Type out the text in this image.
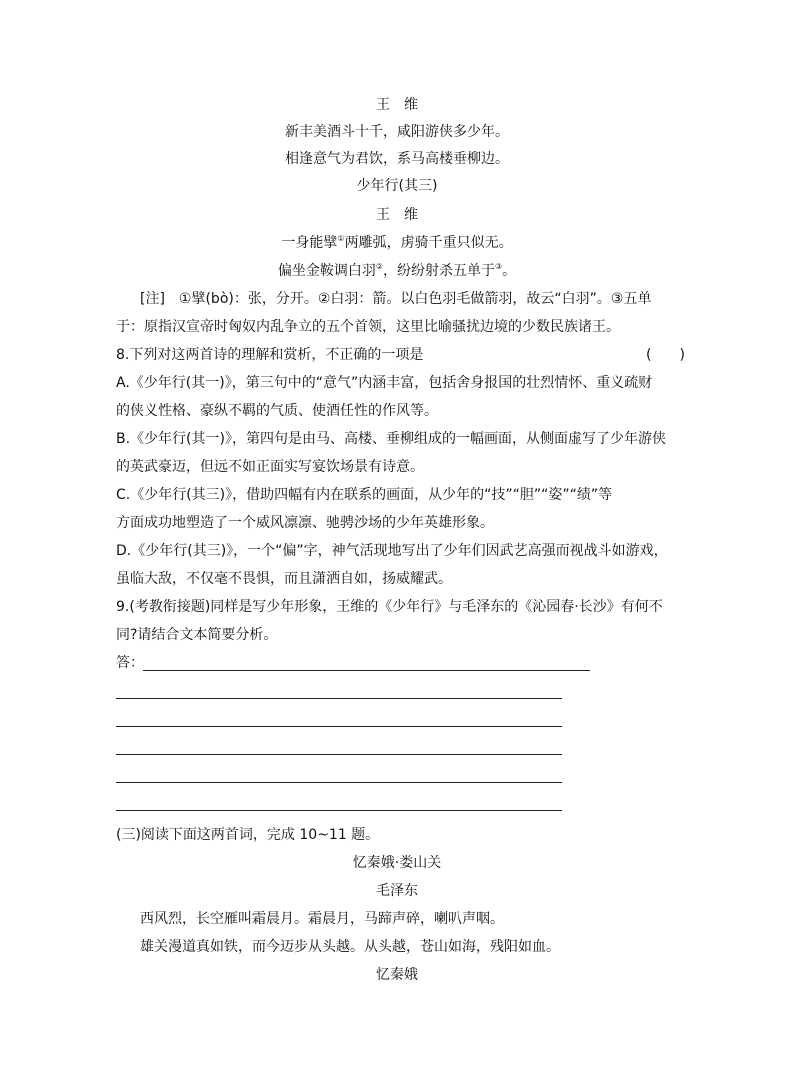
王　维
新丰美酒斗十千，咸阳游侠多少年。
相逢意气为君饮，系马高楼垂柳边。
少年行(其三)
王　维
一身能擘①两雕弧，虏骑千重只似无。
偏坐金鞍调白羽②，纷纷射杀五单于③。
[注]　①擘(bò)：张，分开。②白羽：箭。以白色羽毛做箭羽，故云“白羽”。③五单
于：原指汉宣帝时匈奴内乱争立的五个首领，这里比喻骚扰边境的少数民族诸王。
8.下列对这两首诗的理解和赏析，不正确的一项是	(　　)
A.《少年行(其一)》，第三句中的“意气”内涵丰富，包括舍身报国的壮烈情怀、重义疏财
的侠义性格、豪纵不羁的气质、使酒任性的作风等。
B.《少年行(其一)》，第四句是由马、高楼、垂柳组成的一幅画面，从侧面虚写了少年游侠
的英武豪迈，但远不如正面实写宴饮场景有诗意。
C.《少年行(其三)》，借助四幅有内在联系的画面，从少年的“技”“胆”“姿”“绩”等
方面成功地塑造了一个威风凛凛、驰骋沙场的少年英雄形象。
D.《少年行(其三)》，一个“偏”字，神气活现地写出了少年们因武艺高强而视战斗如游戏，
虽临大敌，不仅毫不畏惧，而且潇洒自如，扬威耀武。
9.(考教衔接题)同样是写少年形象，王维的《少年行》与毛泽东的《沁园春·长沙》有何不
同?请结合文本简要分析。
答：
(三)阅读下面这两首词，完成 10~11 题。
忆秦娥·娄山关
毛泽东
西风烈，长空雁叫霜晨月。霜晨月，马蹄声碎，喇叭声咽。
雄关漫道真如铁，而今迈步从头越。从头越，苍山如海，残阳如血。
忆秦娥
